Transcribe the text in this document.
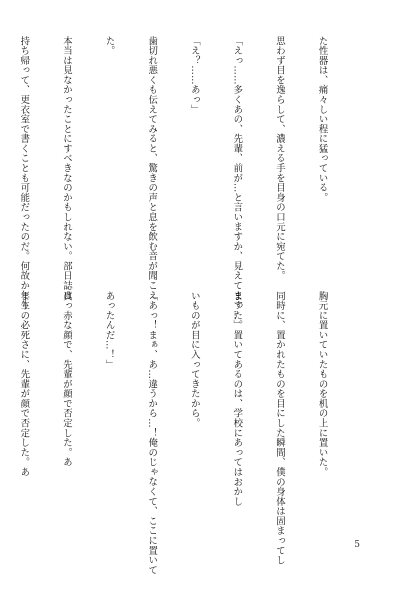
た性器は、痛々しい程に猛っている。

思わず目を逸らして、濃える手を目身の口元に宛てた。

「えっ……多くあの、先輩、前が…と言いますか、見えてます…」

「え？……あっ」

歯切れ悪くも伝えてみると、驚きの声と息を飲む音が聞こえ

た。

本当は見なかったことにすべきなのかもしれない。部日誌は

持ち帰って、更衣室で書くことも可能だったのだ。何故か年生

胸元に置いていたものを机の上に置いた。

同時に、置かれたものを目にした瞬間、僕の身体は固まってし

まった。置いてあるのは、学校にあってはおかし

いものが目に入ってきたから。

「あっ！まぁ、あ…違うから…！俺のじゃなくて、ここに置いて

あったんだ…！」

真っ赤な顔で、先輩が顔で否定した。あ

まりの必死さに、先輩が顔で否定した。あ

5
